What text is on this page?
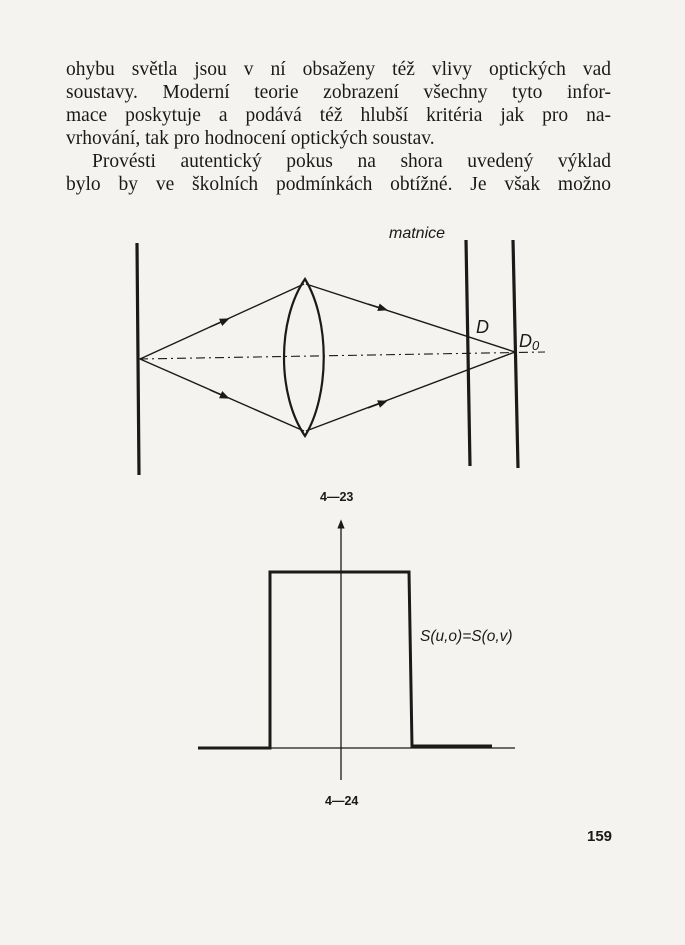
ohybu světla jsou v ní obsaženy též vlivy optických vad

soustavy. Moderní teorie zobrazení všechny tyto infor-

mace poskytuje a podává též hlubší kritéria jak pro na-

vrhování, tak pro hodnocení optických soustav.

Provésti autentický pokus na shora uvedený výklad

bylo by ve školních podmínkách obtížné. Je však možno

matnice
D
D0
S(u,o)=S(o,v)
4—23
4—24
159
